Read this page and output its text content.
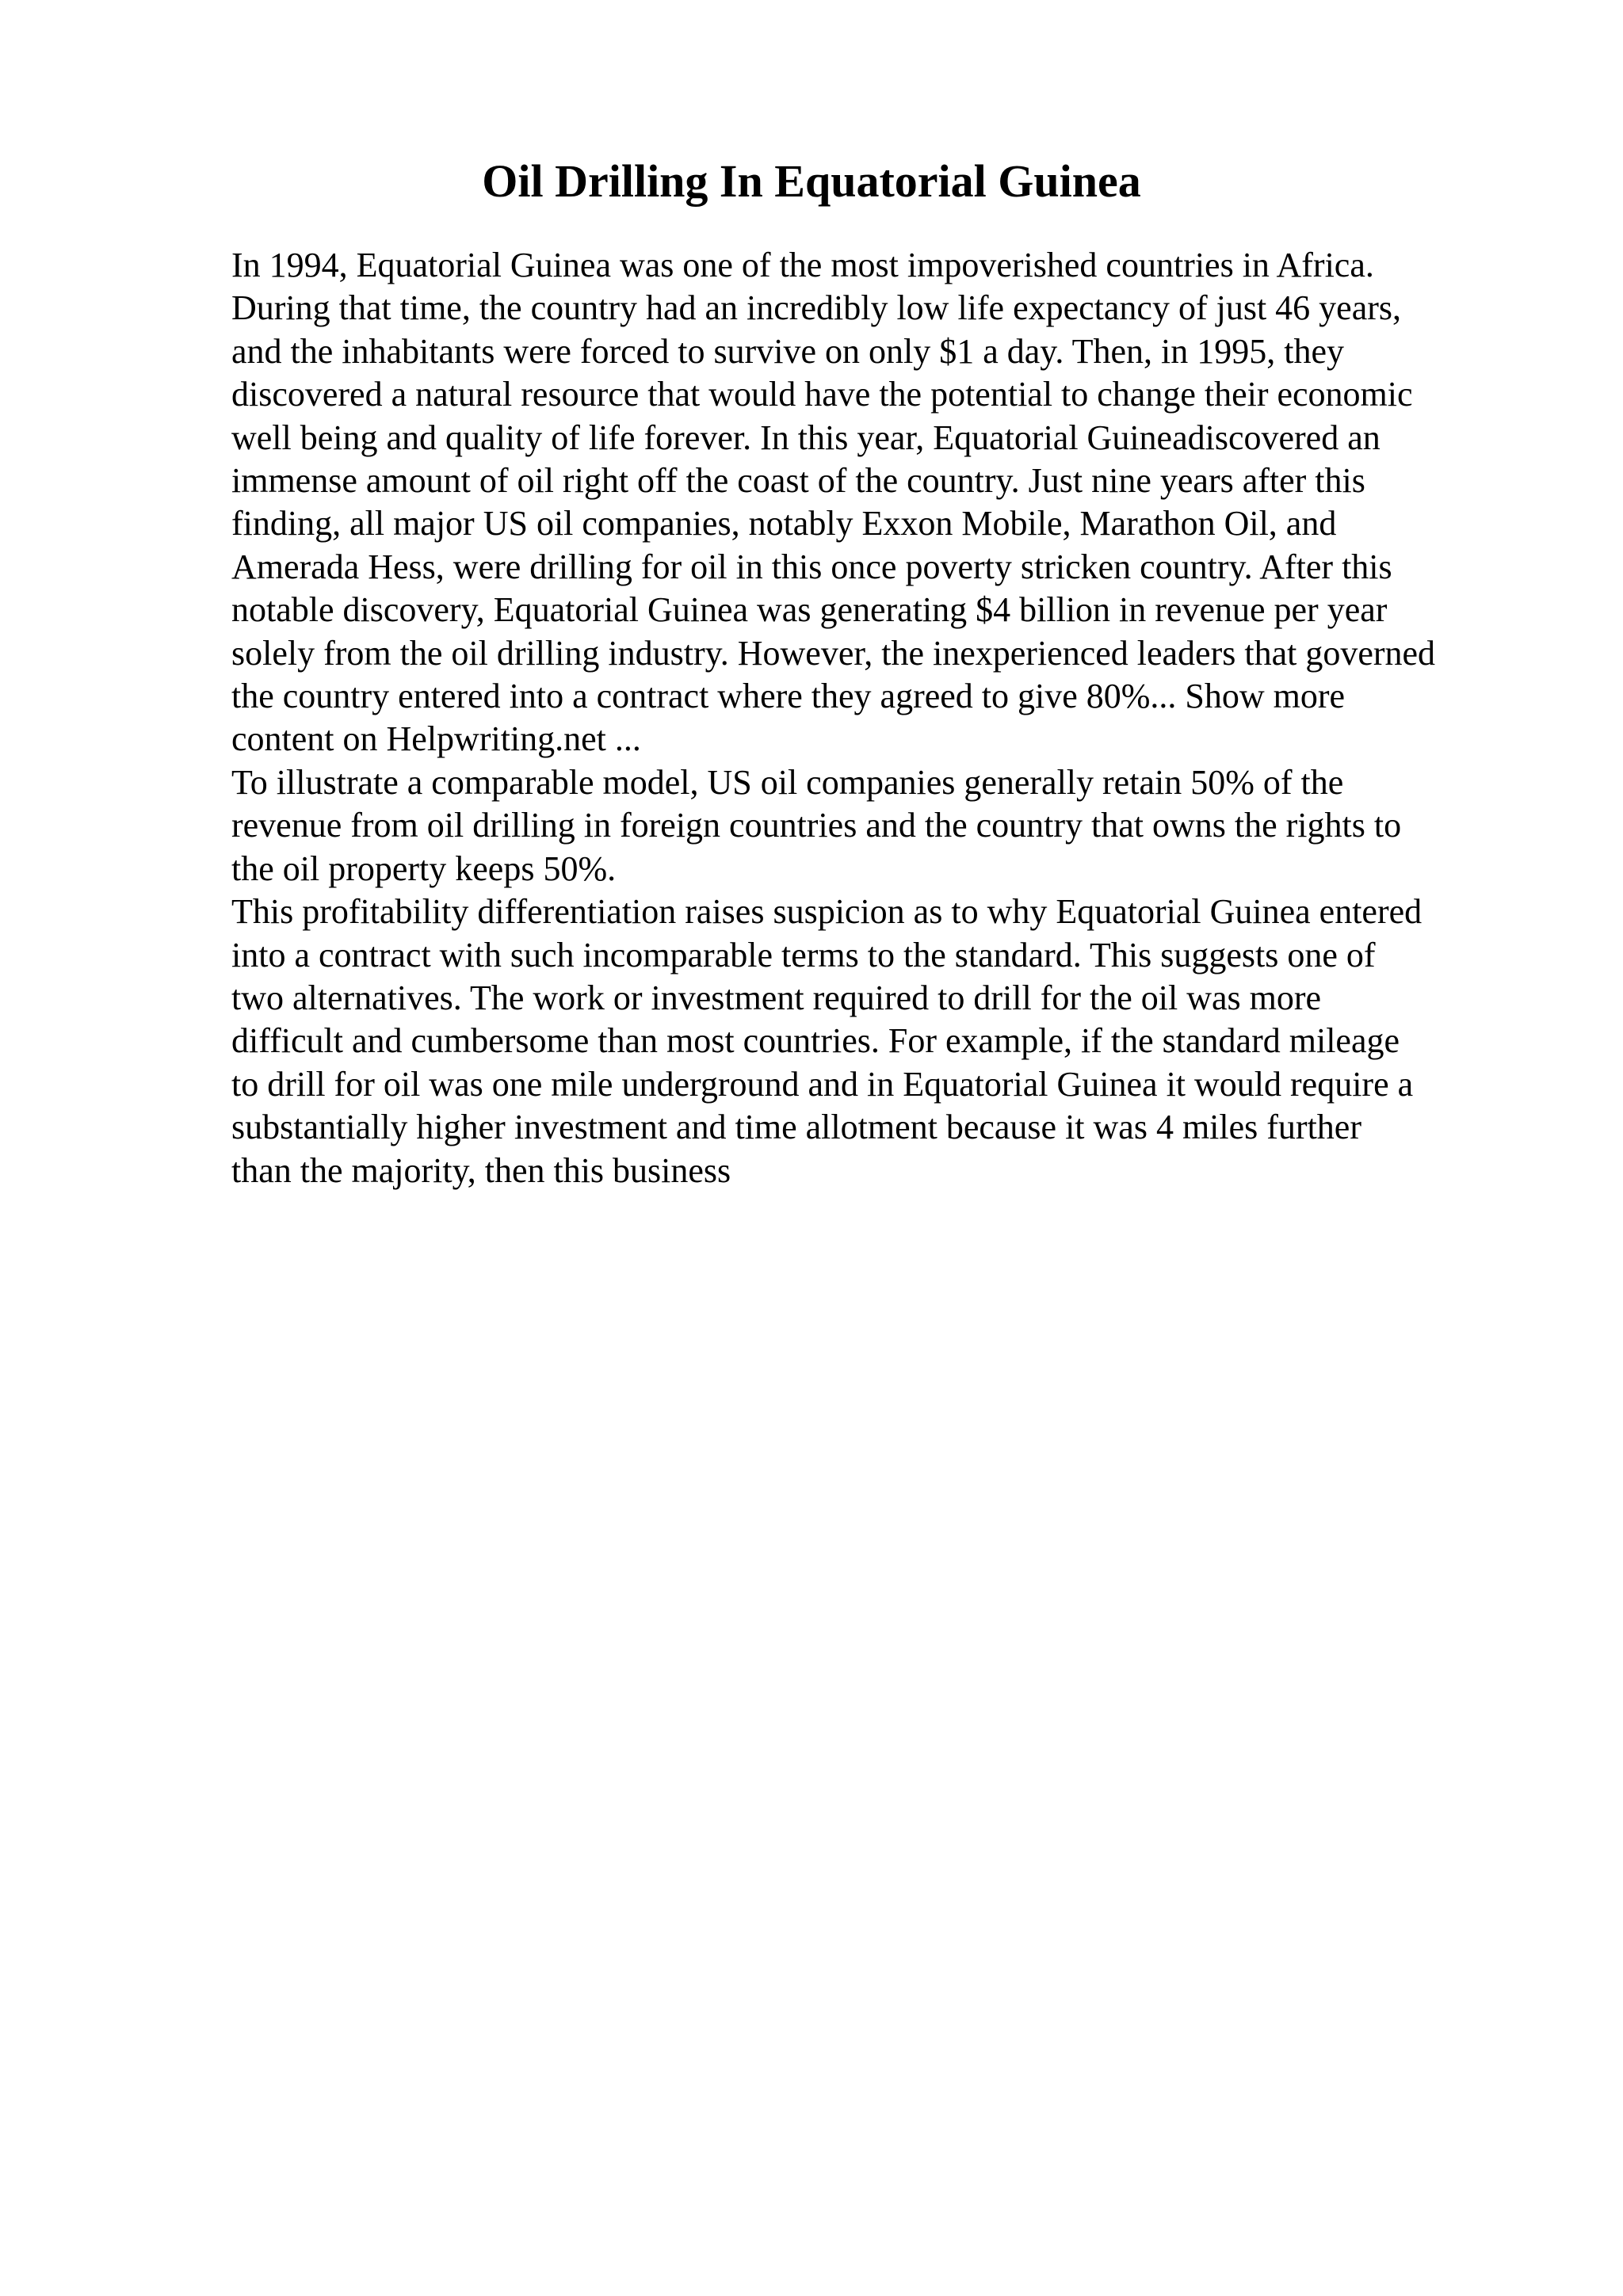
Oil Drilling In Equatorial Guinea
In 1994, Equatorial Guinea was one of the most impoverished countries in Africa.
During that time, the country had an incredibly low life expectancy of just 46 years,
and the inhabitants were forced to survive on only $1 a day. Then, in 1995, they
discovered a natural resource that would have the potential to change their economic
well being and quality of life forever. In this year, Equatorial Guineadiscovered an
immense amount of oil right off the coast of the country. Just nine years after this
finding, all major US oil companies, notably Exxon Mobile, Marathon Oil, and
Amerada Hess, were drilling for oil in this once poverty stricken country. After this
notable discovery, Equatorial Guinea was generating $4 billion in revenue per year
solely from the oil drilling industry. However, the inexperienced leaders that governed
the country entered into a contract where they agreed to give 80%... Show more
content on Helpwriting.net ...
To illustrate a comparable model, US oil companies generally retain 50% of the
revenue from oil drilling in foreign countries and the country that owns the rights to
the oil property keeps 50%.
This profitability differentiation raises suspicion as to why Equatorial Guinea entered
into a contract with such incomparable terms to the standard. This suggests one of
two alternatives. The work or investment required to drill for the oil was more
difficult and cumbersome than most countries. For example, if the standard mileage
to drill for oil was one mile underground and in Equatorial Guinea it would require a
substantially higher investment and time allotment because it was 4 miles further
than the majority, then this business
